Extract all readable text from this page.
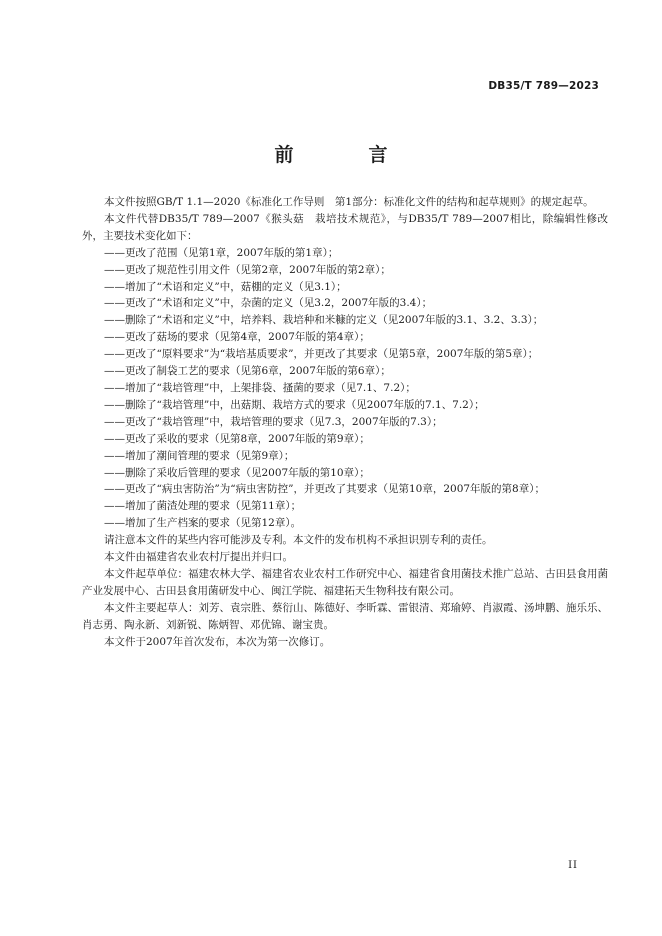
DB35/T 789—2023
前　言

本文件按照GB/T 1.1—2020《标准化工作导则　第1部分：标准化文件的结构和起草规则》的规定起草。

本文件代替DB35/T 789—2007《猴头菇　栽培技术规范》，与DB35/T 789—2007相比，除编辑性修改外，主要技术变化如下：

——更改了范围（见第1章，2007年版的第1章）；

——更改了规范性引用文件（见第2章，2007年版的第2章）；

——增加了“术语和定义”中，菇棚的定义（见3.1）；

——更改了“术语和定义”中，杂菌的定义（见3.2，2007年版的3.4）；

——删除了“术语和定义”中，培养料、栽培种和米糠的定义（见2007年版的3.1、3.2、3.3）；

——更改了菇场的要求（见第4章，2007年版的第4章）；

——更改了“原料要求”为“栽培基质要求”，并更改了其要求（见第5章，2007年版的第5章）；

——更改了制袋工艺的要求（见第6章，2007年版的第6章）；

——增加了“栽培管理”中，上架排袋、搔菌的要求（见7.1、7.2）；

——删除了“栽培管理”中，出菇期、栽培方式的要求（见2007年版的7.1、7.2）；

——更改了“栽培管理”中，栽培管理的要求（见7.3，2007年版的7.3）；

——更改了采收的要求（见第8章，2007年版的第9章）；

——增加了潮间管理的要求（见第9章）；

——删除了采收后管理的要求（见2007年版的第10章）；

——更改了“病虫害防治”为“病虫害防控”，并更改了其要求（见第10章，2007年版的第8章）；

——增加了菌渣处理的要求（见第11章）；

——增加了生产档案的要求（见第12章）。

请注意本文件的某些内容可能涉及专利。本文件的发布机构不承担识别专利的责任。

本文件由福建省农业农村厅提出并归口。

本文件起草单位：福建农林大学、福建省农业农村工作研究中心、福建省食用菌技术推广总站、古田县食用菌产业发展中心、古田县食用菌研发中心、闽江学院、福建拓天生物科技有限公司。

本文件主要起草人：刘芳、袁宗胜、蔡衍山、陈德好、李昕霖、雷银清、郑瑜婷、肖淑霞、汤坤鹏、施乐乐、肖志勇、陶永新、刘新锐、陈炳智、邓优锦、谢宝贵。

本文件于2007年首次发布，本次为第一次修订。

II
